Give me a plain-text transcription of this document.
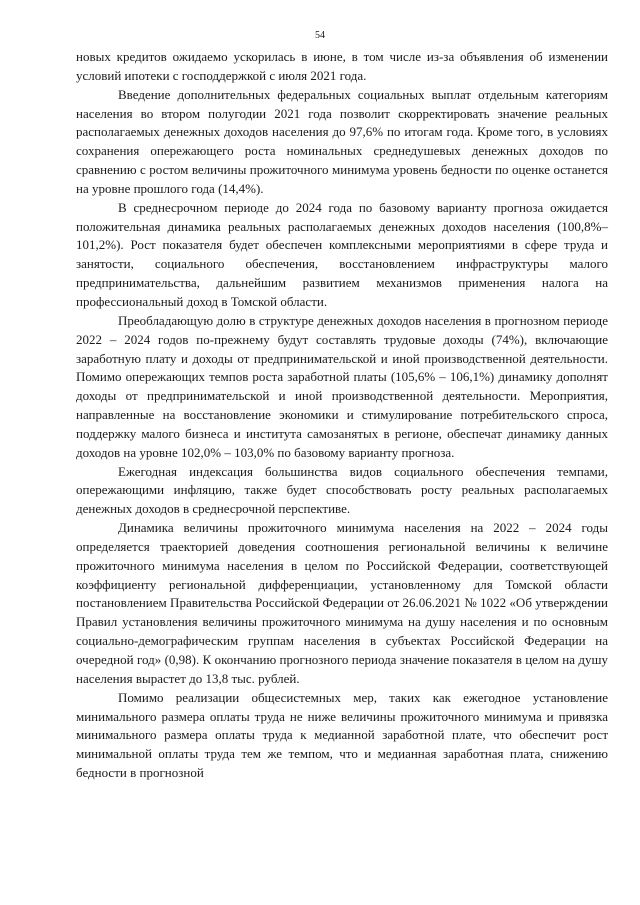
54

новых кредитов ожидаемо ускорилась в июне, в том числе из-за объявления об изменении условий ипотеки с господдержкой с июля 2021 года.

Введение дополнительных федеральных социальных выплат отдельным категориям населения во втором полугодии 2021 года позволит скорректировать значение реальных располагаемых денежных доходов населения до 97,6% по итогам года. Кроме того, в условиях сохранения опережающего роста номинальных среднедушевых денежных доходов по сравнению с ростом величины прожиточного минимума уровень бедности по оценке останется на уровне прошлого года (14,4%).

В среднесрочном периоде до 2024 года по базовому варианту прогноза ожидается положительная динамика реальных располагаемых денежных доходов населения (100,8%–101,2%). Рост показателя будет обеспечен комплексными мероприятиями в сфере труда и занятости, социального обеспечения, восстановлением инфраструктуры малого предпринимательства, дальнейшим развитием механизмов применения налога на профессиональный доход в Томской области.

Преобладающую долю в структуре денежных доходов населения в прогнозном периоде 2022 – 2024 годов по-прежнему будут составлять трудовые доходы (74%), включающие заработную плату и доходы от предпринимательской и иной производственной деятельности. Помимо опережающих темпов роста заработной платы (105,6% – 106,1%) динамику дополнят доходы от предпринимательской и иной производственной деятельности. Мероприятия, направленные на восстановление экономики и стимулирование потребительского спроса, поддержку малого бизнеса и института самозанятых в регионе, обеспечат динамику данных доходов на уровне 102,0% – 103,0% по базовому варианту прогноза.

Ежегодная индексация большинства видов социального обеспечения темпами, опережающими инфляцию, также будет способствовать росту реальных располагаемых денежных доходов в среднесрочной перспективе.

Динамика величины прожиточного минимума населения на 2022 – 2024 годы определяется траекторией доведения соотношения региональной величины к величине прожиточного минимума населения в целом по Российской Федерации, соответствующей коэффициенту региональной дифференциации, установленному для Томской области постановлением Правительства Российской Федерации от 26.06.2021 № 1022 «Об утверждении Правил установления величины прожиточного минимума на душу населения и по основным социально-демографическим группам населения в субъектах Российской Федерации на очередной год» (0,98). К окончанию прогнозного периода значение показателя в целом на душу населения вырастет до 13,8 тыс. рублей.

Помимо реализации общесистемных мер, таких как ежегодное установление минимального размера оплаты труда не ниже величины прожиточного минимума и привязка минимального размера оплаты труда к медианной заработной плате, что обеспечит рост минимальной оплаты труда тем же темпом, что и медианная заработная плата, снижению бедности в прогнозной
